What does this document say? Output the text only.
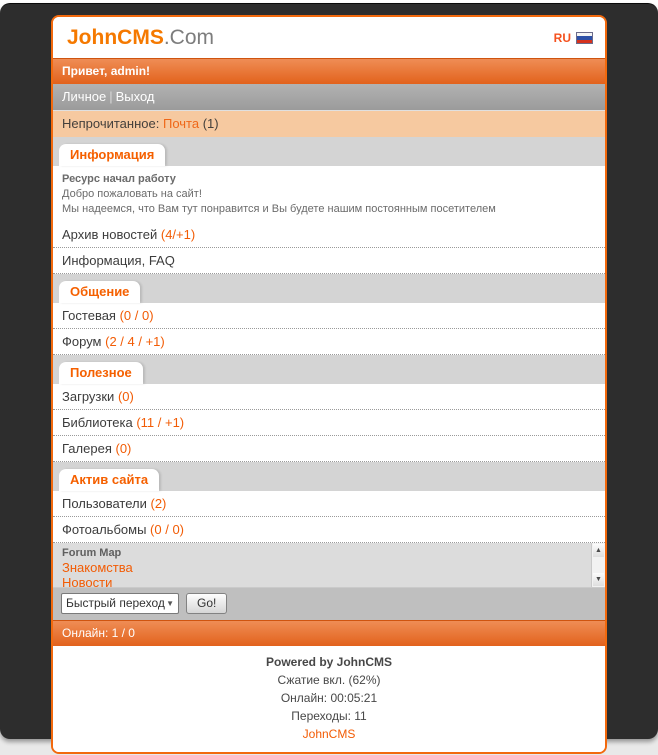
JohnCMS.Com	RU
Привет, admin!
Личное | Выход
Непрочитанное: Почта (1)
Информация
Ресурс начал работу
Добро пожаловать на сайт!
Мы надеемся, что Вам тут понравится и Вы будете нашим постоянным посетителем
Архив новостей (4/+1)
Информация, FAQ
Общение
Гостевая (0 / 0)
Форум (2 / 4 / +1)
Полезное
Загрузки (0)
Библиотека (11 / +1)
Галерея (0)
Актив сайта
Пользователи (2)
Фотоальбомы (0 / 0)
Forum Map
Знакомства
Новости
▲
▼
Быстрый переход ▼	Go!
Онлайн: 1 / 0
Powered by JohnCMS
Сжатие вкл. (62%)
Онлайн: 00:05:21
Переходы: 11
JohnCMS
